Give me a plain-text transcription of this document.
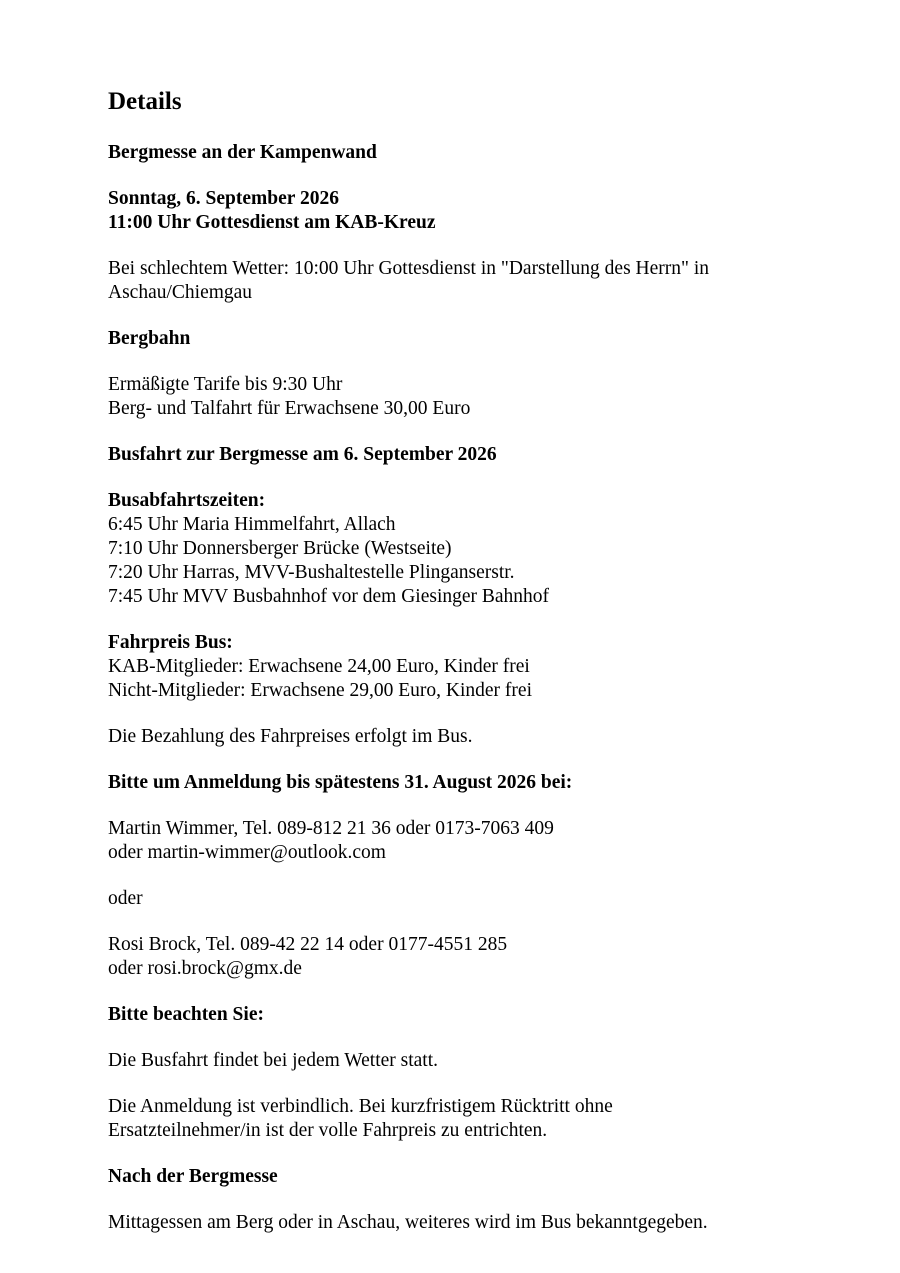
Details

Bergmesse an der Kampenwand

Sonntag, 6. September 2026
11:00 Uhr Gottesdienst am KAB-Kreuz

Bei schlechtem Wetter: 10:00 Uhr Gottesdienst in "Darstellung des Herrn" in
Aschau/Chiemgau

Bergbahn

Ermäßigte Tarife bis 9:30 Uhr
Berg- und Talfahrt für Erwachsene 30,00 Euro

Busfahrt zur Bergmesse am 6. September 2026

Busabfahrtszeiten:
6:45 Uhr Maria Himmelfahrt, Allach
7:10 Uhr Donnersberger Brücke (Westseite)
7:20 Uhr Harras, MVV-Bushaltestelle Plinganserstr.
7:45 Uhr MVV Busbahnhof vor dem Giesinger Bahnhof

Fahrpreis Bus:
KAB-Mitglieder: Erwachsene 24,00 Euro, Kinder frei
Nicht-Mitglieder: Erwachsene 29,00 Euro, Kinder frei

Die Bezahlung des Fahrpreises erfolgt im Bus.

Bitte um Anmeldung bis spätestens 31. August 2026 bei:

Martin Wimmer, Tel. 089-812 21 36 oder 0173-7063 409
oder martin-wimmer@outlook.com

oder

Rosi Brock, Tel. 089-42 22 14 oder 0177-4551 285
oder rosi.brock@gmx.de

Bitte beachten Sie:

Die Busfahrt findet bei jedem Wetter statt.

Die Anmeldung ist verbindlich. Bei kurzfristigem Rücktritt ohne
Ersatzteilnehmer/in ist der volle Fahrpreis zu entrichten.

Nach der Bergmesse

Mittagessen am Berg oder in Aschau, weiteres wird im Bus bekanntgegeben.
